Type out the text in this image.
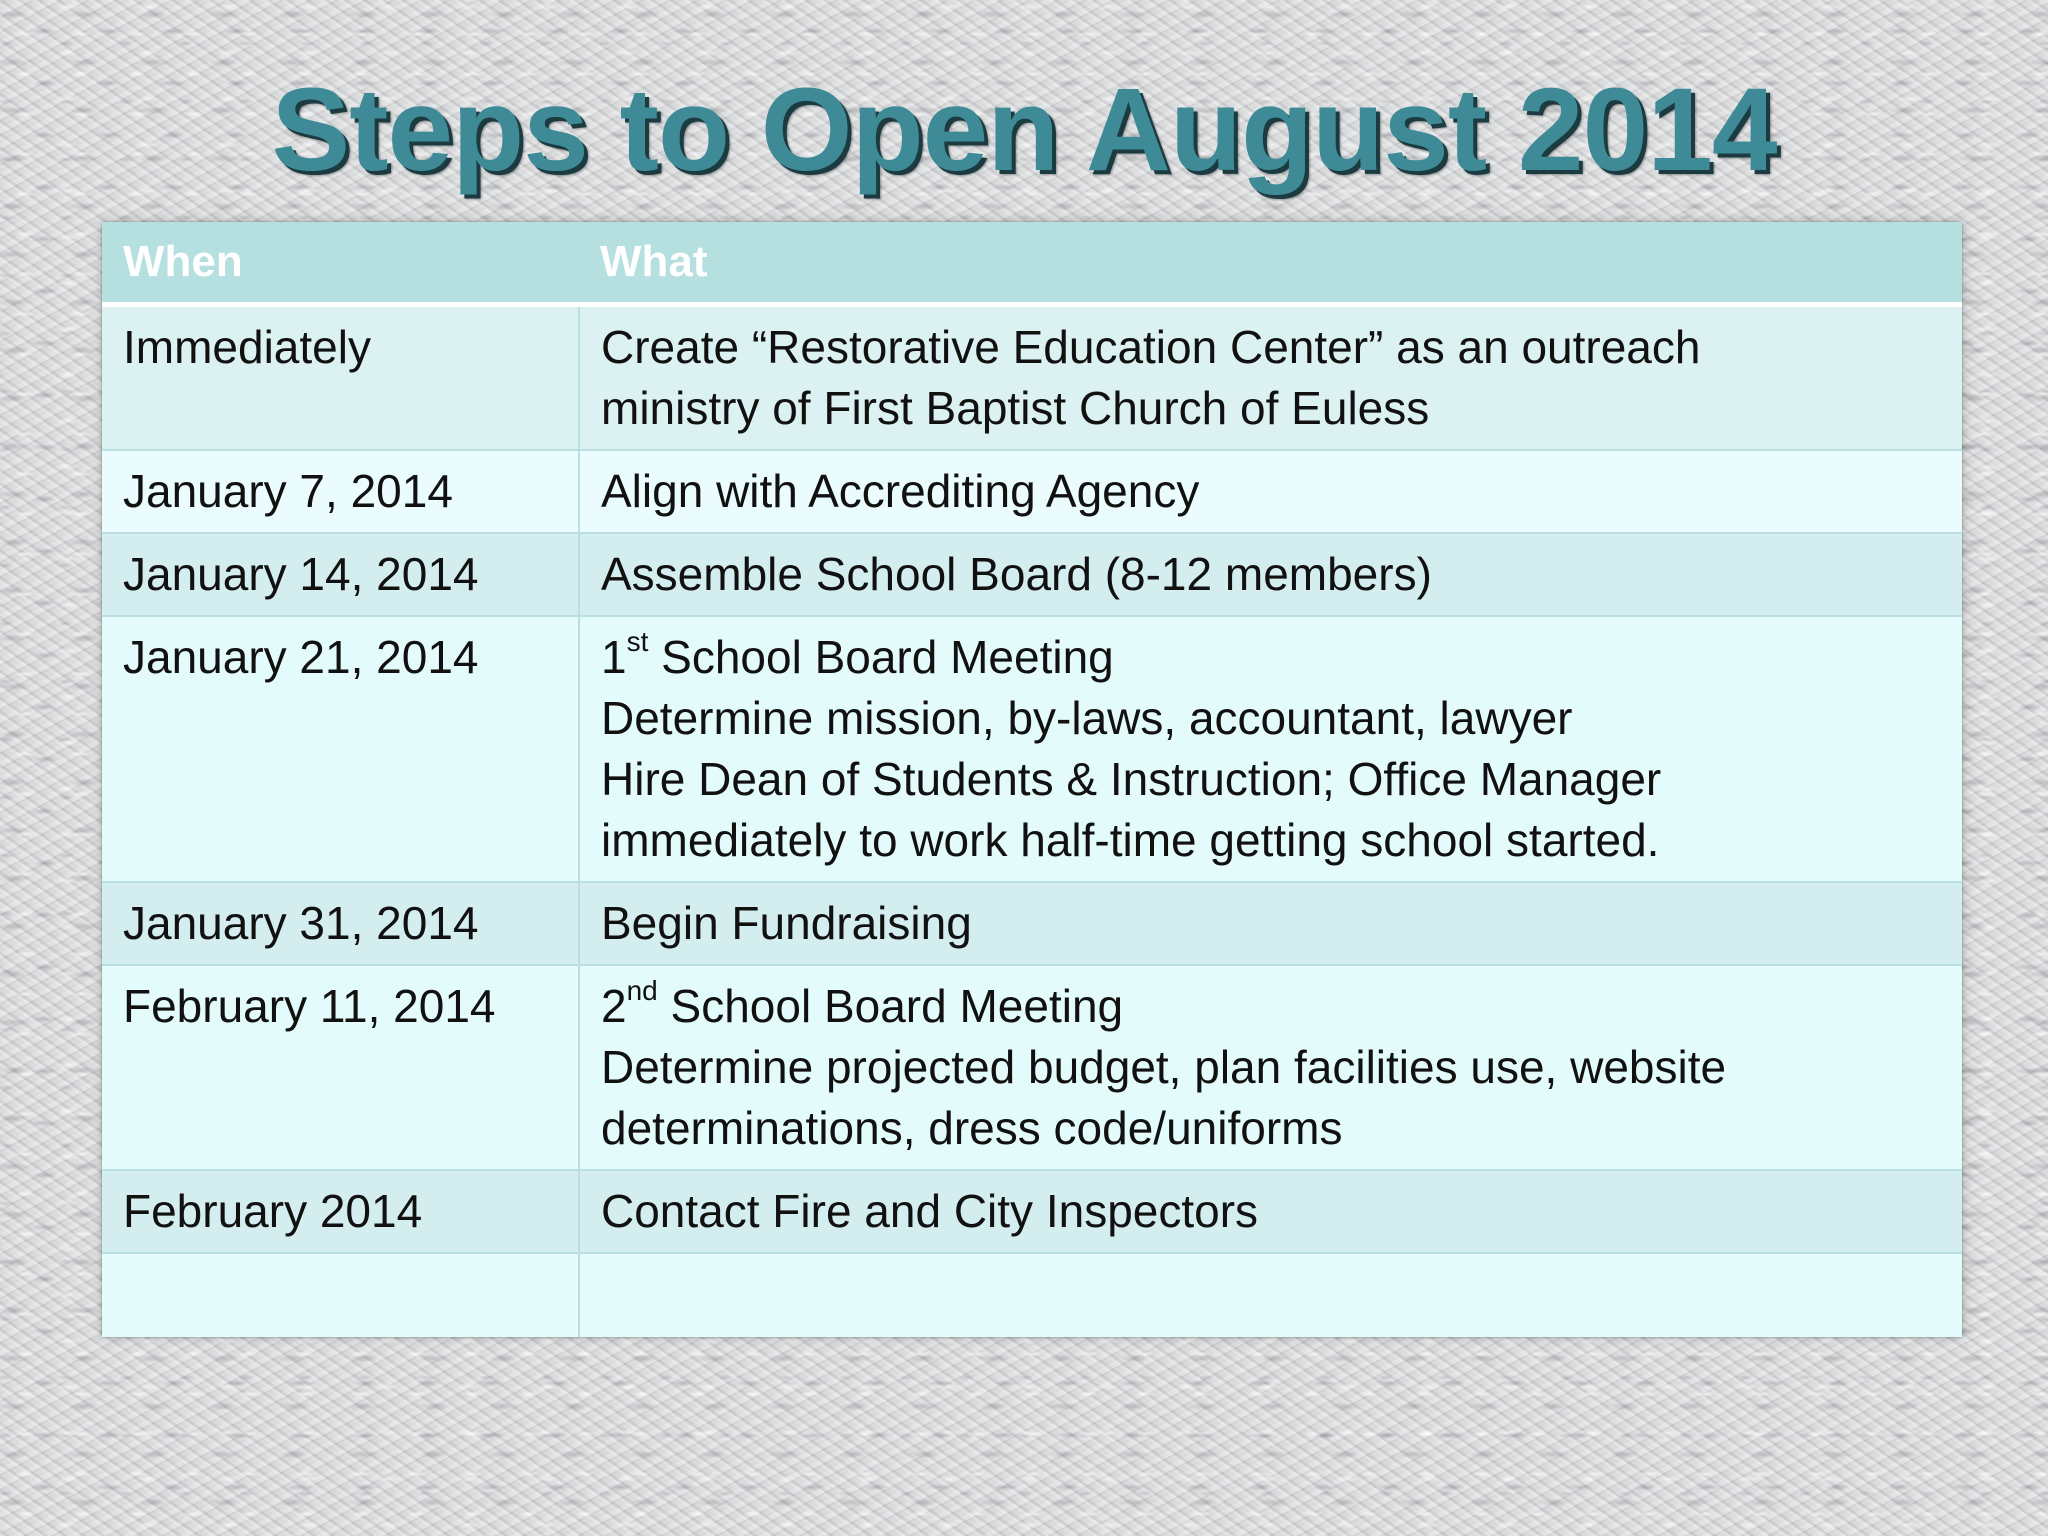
Steps to Open August 2014
When	What
Immediately	Create “Restorative Education Center” as an outreach
ministry of First Baptist Church of Euless

January 7, 2014	Align with Accrediting Agency

January 14, 2014	Assemble School Board (8-12 members)

January 21, 2014	1st School Board Meeting
Determine mission, by-laws, accountant, lawyer
Hire Dean of Students & Instruction; Office Manager
immediately to work half-time getting school started.

January 31, 2014	Begin Fundraising

February 11, 2014	2nd School Board Meeting
Determine projected budget, plan facilities use, website
determinations, dress code/uniforms

February 2014	Contact Fire and City Inspectors
